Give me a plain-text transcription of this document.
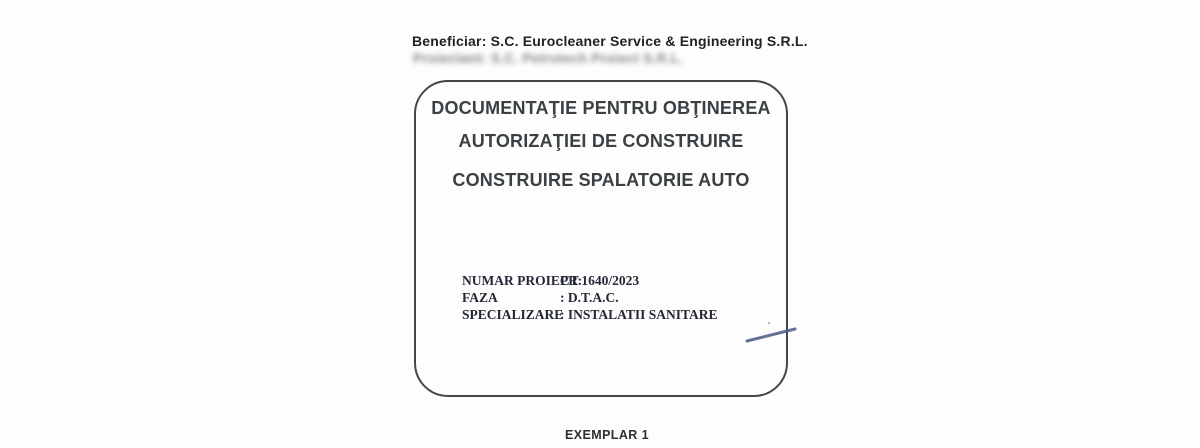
Beneficiar: S.C. Eurocleaner Service & Engineering S.R.L.
Proiectant: S.C. Petrotech Proiect S.R.L.
DOCUMENTAŢIE PENTRU OBŢINEREA
AUTORIZAŢIEI DE CONSTRUIRE
CONSTRUIRE SPALATORIE AUTO
NUMAR PROIECT:
PR 1640/2023
FAZA	: D.T.A.C.
SPECIALIZARE
: INSTALATII SANITARE
EXEMPLAR 1
